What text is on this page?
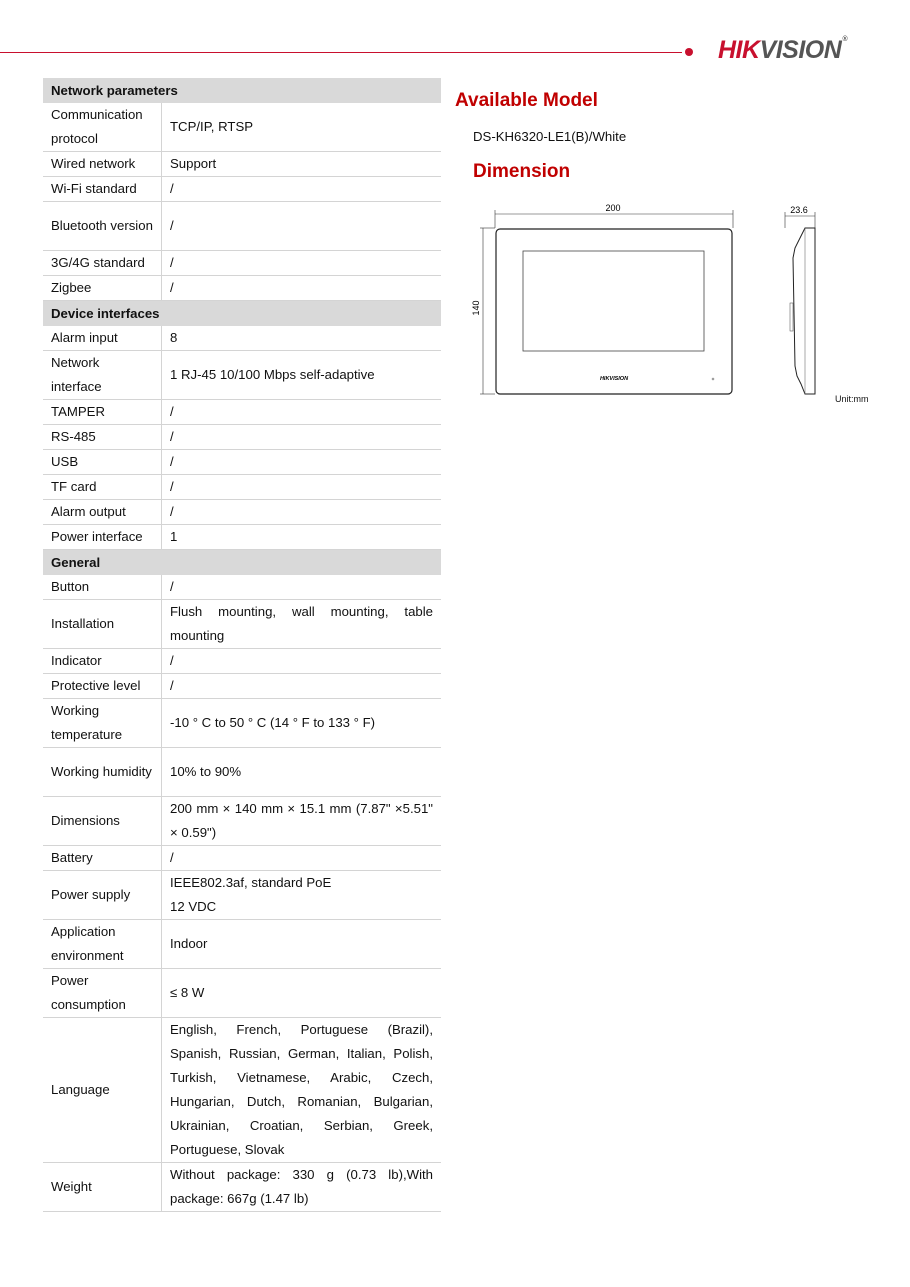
HIKVISION®
Network parameters	
Communication protocol	TCP/IP, RTSP
Wired network	Support
Wi-Fi standard	/
Bluetooth version	/
3G/4G standard	/
Zigbee	/
Device interfaces	
Alarm input	8
Network interface	1 RJ-45 10/100 Mbps self-adaptive
TAMPER	/
RS-485	/
USB	/
TF card	/
Alarm output	/
Power interface	1
General	
Button	/
Installation	Flush mounting, wall mounting, table mounting
Indicator	/
Protective level	/
Working temperature	-10 ° C to 50 ° C (14 ° F to 133 ° F)
Working humidity	10% to 90%
Dimensions	200 mm × 140 mm × 15.1 mm (7.87" ×5.51" × 0.59")
Battery	/
Power supply	IEEE802.3af, standard PoE
12 VDC
Application environment	Indoor
Power consumption	≤ 8 W
Language	English, French, Portuguese (Brazil), Spanish, Russian, German, Italian, Polish, Turkish, Vietnamese, Arabic, Czech, Hungarian, Dutch, Romanian, Bulgarian, Ukrainian, Croatian, Serbian, Greek, Portuguese, Slovak
Weight	Without package: 330 g (0.73 lb),With package: 667g (1.47 lb)
Available Model
DS-KH6320-LE1(B)/White
Dimension
200
140
HIKVISION
23.6
Unit:mm
